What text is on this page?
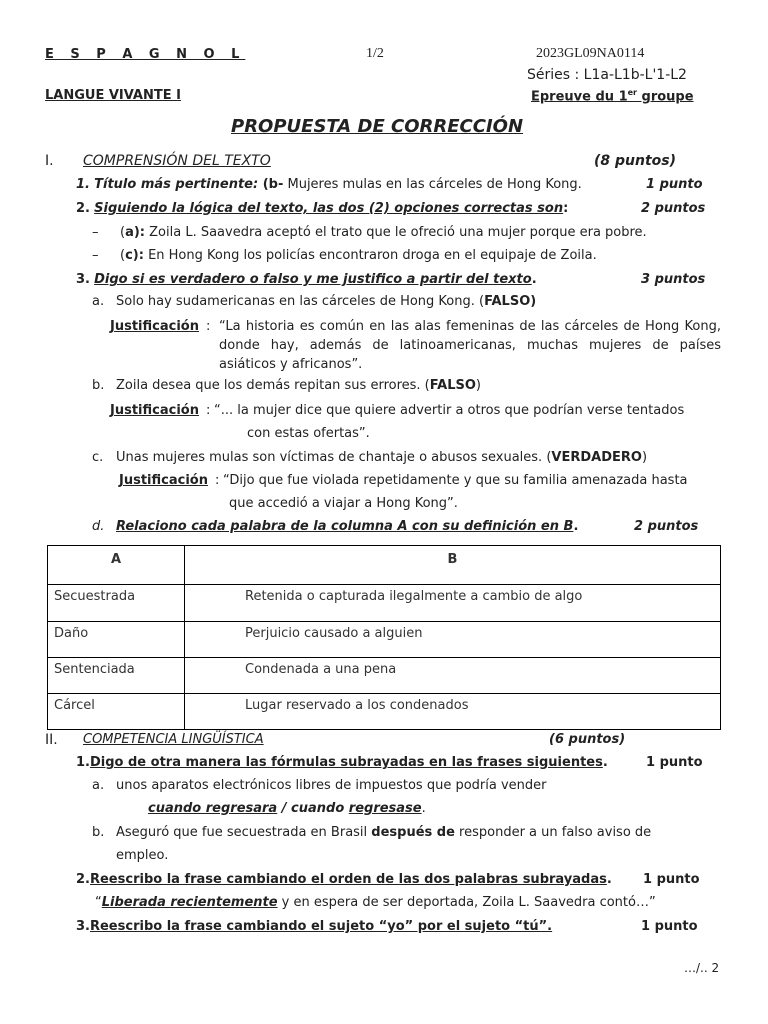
E S P A G N O L	1/2	2023GL09NA0114
Séries : L1a-L1b-L'1-L2
LANGUE VIVANTE I	Epreuve du 1er groupe
PROPUESTA DE CORRECCIÓN
I. COMPRENSIÓN DEL TEXTO	(8 puntos)
1. Título más pertinente: (b- Mujeres mulas en las cárceles de Hong Kong.	1 punto
2. Siguiendo la lógica del texto, las dos (2) opciones correctas son:	2 puntos
– (a): Zoila L. Saavedra aceptó el trato que le ofreció una mujer porque era pobre.
– (c): En Hong Kong los policías encontraron droga en el equipaje de Zoila.
3. Digo si es verdadero o falso y me justifico a partir del texto.	3 puntos
a. Solo hay sudamericanas en las cárceles de Hong Kong. (FALSO)
Justificación : “La historia es común en las alas femeninas de las cárceles de Hong Kong, donde hay, además de latinoamericanas, muchas mujeres de países asiáticos y africanos”.
b. Zoila desea que los demás repitan sus errores. (FALSO)
Justificación : “... la mujer dice que quiere advertir a otros que podrían verse tentados
con estas ofertas”.
c. Unas mujeres mulas son víctimas de chantaje o abusos sexuales. (VERDADERO)
Justificación : “Dijo que fue violada repetidamente y que su familia amenazada hasta
que accedió a viajar a Hong Kong”.
d. Relaciono cada palabra de la columna A con su definición en B.	2 puntos
A	B
Secuestrada	Retenida o capturada ilegalmente a cambio de algo
Daño	Perjuicio causado a alguien
Sentenciada	Condenada a una pena
Cárcel	Lugar reservado a los condenados
II. COMPETENCIA LINGÜÍSTICA	(6 puntos)
1.Digo de otra manera las fórmulas subrayadas en las frases siguientes.	1 punto
a. unos aparatos electrónicos libres de impuestos que podría vender
cuando regresara / cuando regresase.
b. Aseguró que fue secuestrada en Brasil después de responder a un falso aviso de
empleo.
2.Reescribo la frase cambiando el orden de las dos palabras subrayadas. 1 punto
“Liberada recientemente y en espera de ser deportada, Zoila L. Saavedra contó…”
3.Reescribo la frase cambiando el sujeto “yo” por el sujeto “tú”.	1 punto
…/.. 2
